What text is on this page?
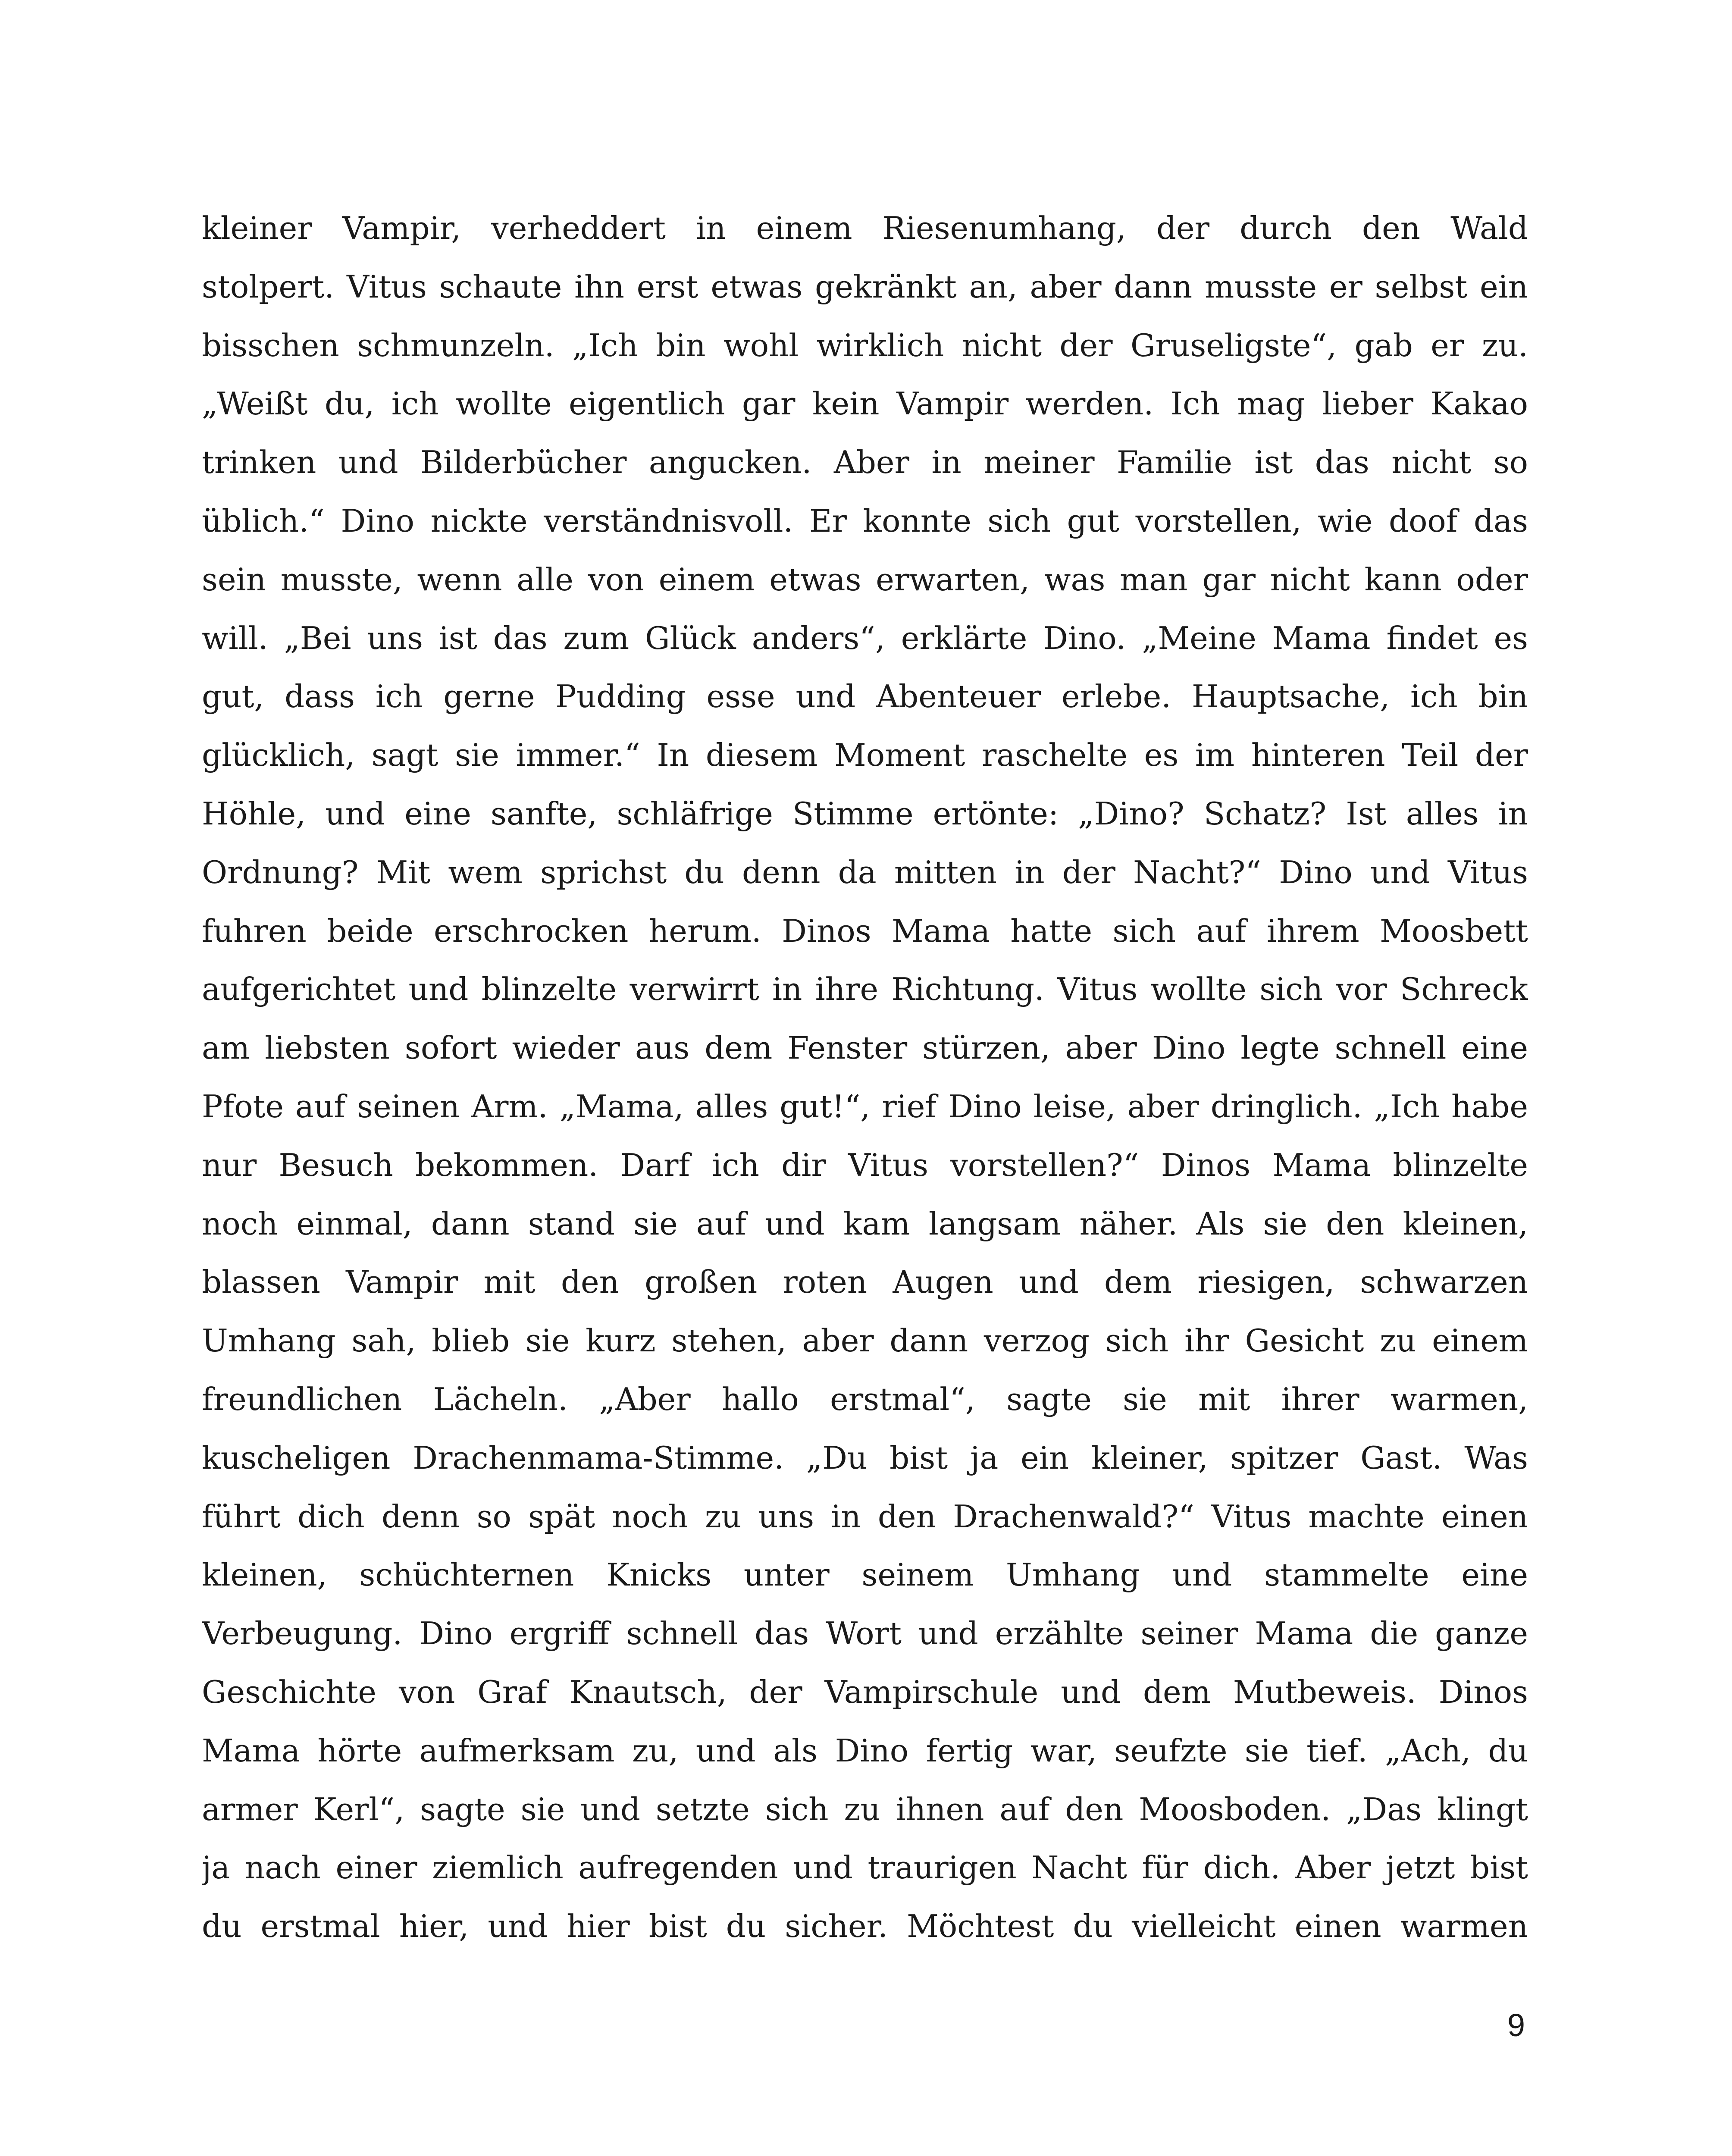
kleiner Vampir, verheddert in einem Riesenumhang, der durch den Wald
stolpert. Vitus schaute ihn erst etwas gekränkt an, aber dann musste er selbst ein
bisschen schmunzeln. „Ich bin wohl wirklich nicht der Gruseligste“, gab er zu.
„Weißt du, ich wollte eigentlich gar kein Vampir werden. Ich mag lieber Kakao
trinken und Bilderbücher angucken. Aber in meiner Familie ist das nicht so
üblich.“ Dino nickte verständnisvoll. Er konnte sich gut vorstellen, wie doof das
sein musste, wenn alle von einem etwas erwarten, was man gar nicht kann oder
will. „Bei uns ist das zum Glück anders“, erklärte Dino. „Meine Mama findet es
gut, dass ich gerne Pudding esse und Abenteuer erlebe. Hauptsache, ich bin
glücklich, sagt sie immer.“ In diesem Moment raschelte es im hinteren Teil der
Höhle, und eine sanfte, schläfrige Stimme ertönte: „Dino? Schatz? Ist alles in
Ordnung? Mit wem sprichst du denn da mitten in der Nacht?“ Dino und Vitus
fuhren beide erschrocken herum. Dinos Mama hatte sich auf ihrem Moosbett
aufgerichtet und blinzelte verwirrt in ihre Richtung. Vitus wollte sich vor Schreck
am liebsten sofort wieder aus dem Fenster stürzen, aber Dino legte schnell eine
Pfote auf seinen Arm. „Mama, alles gut!“, rief Dino leise, aber dringlich. „Ich habe
nur Besuch bekommen. Darf ich dir Vitus vorstellen?“ Dinos Mama blinzelte
noch einmal, dann stand sie auf und kam langsam näher. Als sie den kleinen,
blassen Vampir mit den großen roten Augen und dem riesigen, schwarzen
Umhang sah, blieb sie kurz stehen, aber dann verzog sich ihr Gesicht zu einem
freundlichen Lächeln. „Aber hallo erstmal“, sagte sie mit ihrer warmen,
kuscheligen Drachenmama-Stimme. „Du bist ja ein kleiner, spitzer Gast. Was
führt dich denn so spät noch zu uns in den Drachenwald?“ Vitus machte einen
kleinen, schüchternen Knicks unter seinem Umhang und stammelte eine
Verbeugung. Dino ergriff schnell das Wort und erzählte seiner Mama die ganze
Geschichte von Graf Knautsch, der Vampirschule und dem Mutbeweis. Dinos
Mama hörte aufmerksam zu, und als Dino fertig war, seufzte sie tief. „Ach, du
armer Kerl“, sagte sie und setzte sich zu ihnen auf den Moosboden. „Das klingt
ja nach einer ziemlich aufregenden und traurigen Nacht für dich. Aber jetzt bist
du erstmal hier, und hier bist du sicher. Möchtest du vielleicht einen warmen
9
